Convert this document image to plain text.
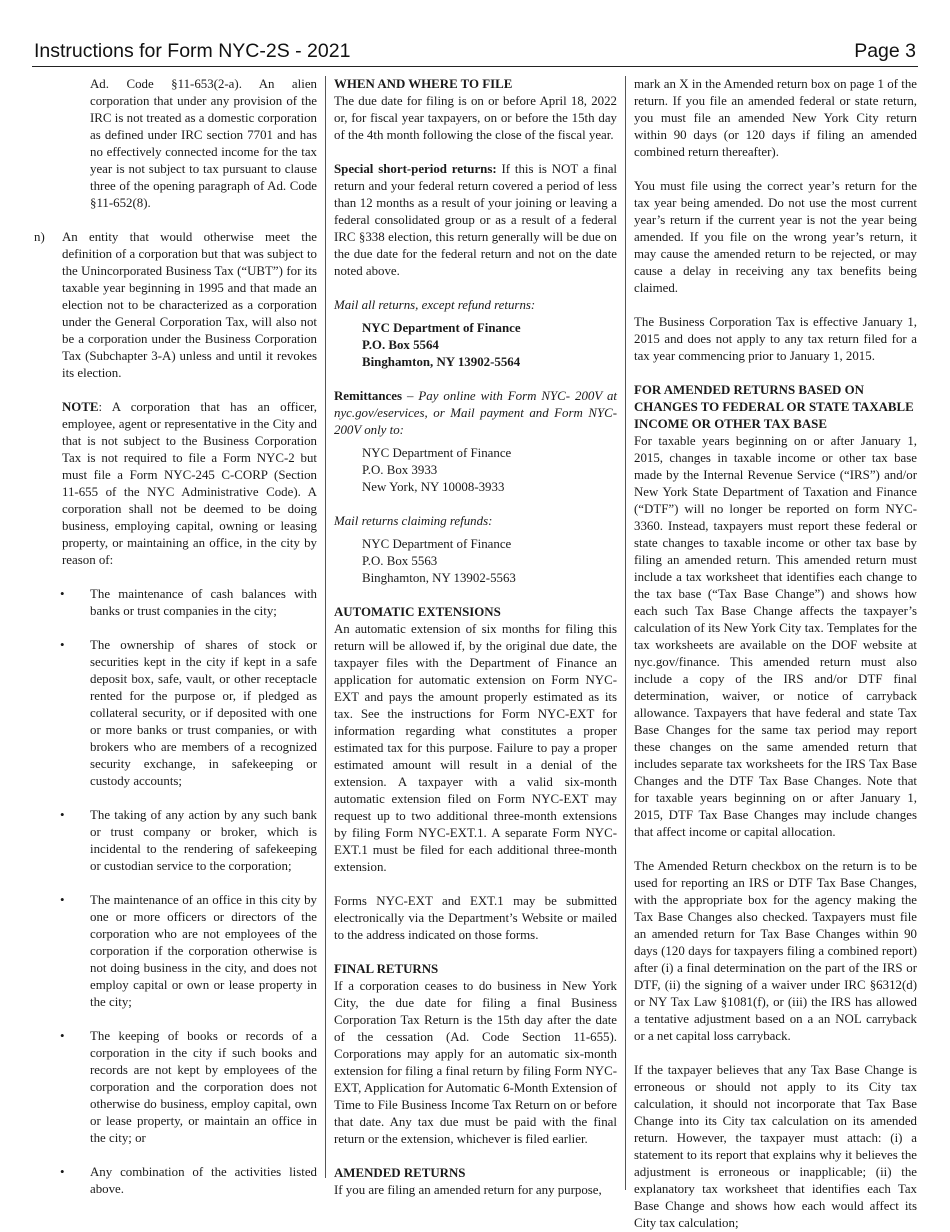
Instructions for Form NYC-2S - 2021	Page 3

Ad. Code §11-653(2-a). An alien corporation that under any provision of the IRC is not treated as a domestic corporation as defined under IRC section 7701 and has no effectively connected income for the tax year is not subject to tax pursuant to clause three of the opening paragraph of Ad. Code §11-652(8).

n) An entity that would otherwise meet the definition of a corporation but that was subject to the Unincorporated Business Tax (“UBT”) for its taxable year beginning in 1995 and that made an election not to be characterized as a corporation under the General Corporation Tax, will also not be a corporation under the Business Corporation Tax (Subchapter 3-A) unless and until it revokes its election.

NOTE: A corporation that has an officer, employee, agent or representative in the City and that is not subject to the Business Corporation Tax is not required to file a Form NYC-2 but must file a Form NYC-245 C-CORP (Section 11-655 of the NYC Administrative Code). A corporation shall not be deemed to be doing business, employing capital, owning or leasing property, or maintaining an office, in the city by reason of:

• The maintenance of cash balances with banks or trust companies in the city;

• The ownership of shares of stock or securities kept in the city if kept in a safe deposit box, safe, vault, or other receptacle rented for the purpose or, if pledged as collateral security, or if deposited with one or more banks or trust companies, or with brokers who are members of a recognized security exchange, in safekeeping or custody accounts;

• The taking of any action by any such bank or trust company or broker, which is incidental to the rendering of safekeeping or custodian service to the corporation;

• The maintenance of an office in this city by one or more officers or directors of the corporation who are not employees of the corporation if the corporation otherwise is not doing business in the city, and does not employ capital or own or lease property in the city;

• The keeping of books or records of a corporation in the city if such books and records are not kept by employees of the corporation and the corporation does not otherwise do business, employ capital, own or lease property, or maintain an office in the city; or

• Any combination of the activities listed above.

WHEN AND WHERE TO FILE

The due date for filing is on or before April 18, 2022 or, for fiscal year taxpayers, on or before the 15th day of the 4th month following the close of the fiscal year.

Special short-period returns: If this is NOT a final return and your federal return covered a period of less than 12 months as a result of your joining or leaving a federal consolidated group or as a result of a federal IRC §338 election, this return generally will be due on the due date for the federal return and not on the date noted above.

Mail all returns, except refund returns:

NYC Department of Finance

P.O. Box 5564

Binghamton, NY 13902-5564

Remittances – Pay online with Form NYC- 200V at nyc.gov/eservices, or Mail payment and Form NYC-200V only to:

NYC Department of Finance

P.O. Box 3933

New York, NY 10008-3933

Mail returns claiming refunds:

NYC Department of Finance

P.O. Box 5563

Binghamton, NY 13902-5563

AUTOMATIC EXTENSIONS

An automatic extension of six months for filing this return will be allowed if, by the original due date, the taxpayer files with the Department of Finance an application for automatic extension on Form NYC-EXT and pays the amount properly estimated as its tax. See the instructions for Form NYC-EXT for information regarding what constitutes a proper estimated tax for this purpose. Failure to pay a proper estimated amount will result in a denial of the extension. A taxpayer with a valid six-month automatic extension filed on Form NYC-EXT may request up to two additional three-month extensions by filing Form NYC-EXT.1. A separate Form NYC-EXT.1 must be filed for each additional three-month extension.

Forms NYC-EXT and EXT.1 may be submitted electronically via the Department’s Website or mailed to the address indicated on those forms.

FINAL RETURNS

If a corporation ceases to do business in New York City, the due date for filing a final Business Corporation Tax Return is the 15th day after the date of the cessation (Ad. Code Section 11-655). Corporations may apply for an automatic six-month extension for filing a final return by filing Form NYC-EXT, Application for Automatic 6-Month Extension of Time to File Business Income Tax Return on or before that date. Any tax due must be paid with the final return or the extension, whichever is filed earlier.

AMENDED RETURNS

If you are filing an amended return for any purpose,

mark an X in the Amended return box on page 1 of the return. If you file an amended federal or state return, you must file an amended New York City return within 90 days (or 120 days if filing an amended combined return thereafter).

You must file using the correct year’s return for the tax year being amended. Do not use the most current year’s return if the current year is not the year being amended. If you file on the wrong year’s return, it may cause the amended return to be rejected, or may cause a delay in receiving any tax benefits being claimed.

The Business Corporation Tax is effective January 1, 2015 and does not apply to any tax return filed for a tax year commencing prior to January 1, 2015.

FOR AMENDED RETURNS BASED ON CHANGES TO FEDERAL OR STATE TAXABLE INCOME OR OTHER TAX BASE

For taxable years beginning on or after January 1, 2015, changes in taxable income or other tax base made by the Internal Revenue Service (“IRS”) and/or New York State Department of Taxation and Finance (“DTF”) will no longer be reported on form NYC-3360. Instead, taxpayers must report these federal or state changes to taxable income or other tax base by filing an amended return. This amended return must include a tax worksheet that identifies each change to the tax base (“Tax Base Change”) and shows how each such Tax Base Change affects the taxpayer’s calculation of its New York City tax. Templates for the tax worksheets are available on the DOF website at nyc.gov/finance. This amended return must also include a copy of the IRS and/or DTF final determination, waiver, or notice of carryback allowance. Taxpayers that have federal and state Tax Base Changes for the same tax period may report these changes on the same amended return that includes separate tax worksheets for the IRS Tax Base Changes and the DTF Tax Base Changes. Note that for taxable years beginning on or after January 1, 2015, DTF Tax Base Changes may include changes that affect income or capital allocation.

The Amended Return checkbox on the return is to be used for reporting an IRS or DTF Tax Base Changes, with the appropriate box for the agency making the Tax Base Changes also checked. Taxpayers must file an amended return for Tax Base Changes within 90 days (120 days for taxpayers filing a combined report) after (i) a final determination on the part of the IRS or DTF, (ii) the signing of a waiver under IRC §6312(d) or NY Tax Law §1081(f), or (iii) the IRS has allowed a tentative adjustment based on a an NOL carryback or a net capital loss carryback.

If the taxpayer believes that any Tax Base Change is erroneous or should not apply to its City tax calculation, it should not incorporate that Tax Base Change into its City tax calculation on its amended return. However, the taxpayer must attach: (i) a statement to its report that explains why it believes the adjustment is erroneous or inapplicable; (ii) the explanatory tax worksheet that identifies each Tax Base Change and shows how each would affect its City tax calculation;
